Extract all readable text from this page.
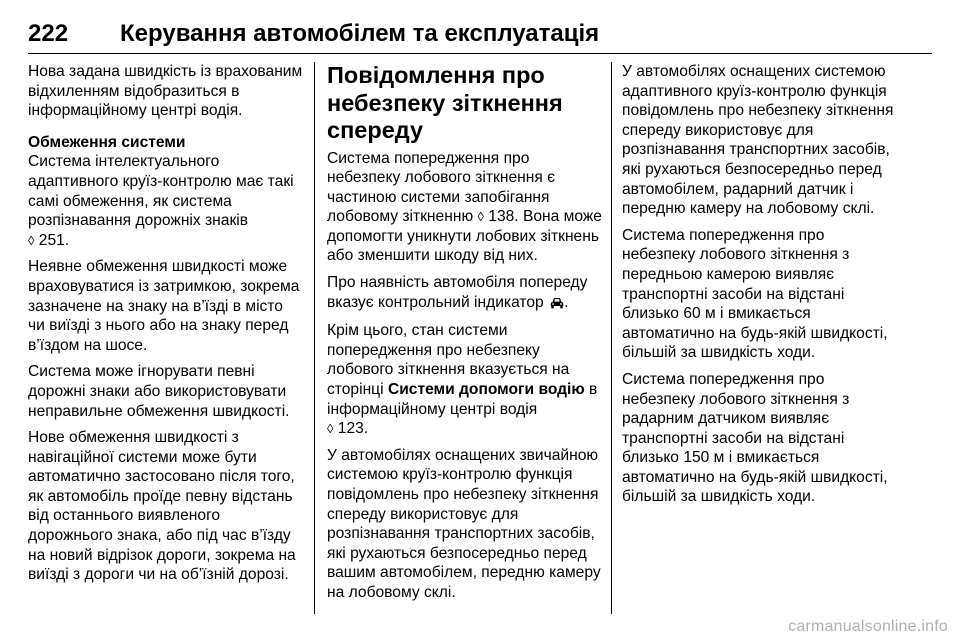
222 Керування автомобілем та експлуатація

Нова задана швидкість із врахованим відхиленням відобразиться в інформаційному центрі водія.

Обмеження системи

Система інтелектуального адаптивного круїз-контролю має такі самі обмеження, як система розпізнавання дорожніх знаків
◊ 251.

Неявне обмеження швидкості може враховуватися із затримкою, зокрема зазначене на знаку на в’їзді в місто чи виїзді з нього або на знаку перед в’їздом на шосе.

Система може ігнорувати певні дорожні знаки або використовувати неправильне обмеження швидкості.

Нове обмеження швидкості з навігаційної системи може бути автоматично застосовано після того, як автомобіль проїде певну відстань від останнього виявленого дорожнього знака, або під час в’їзду на новий відрізок дороги, зокрема на виїзді з дороги чи на об’їзній дорозі.

Повідомлення про небезпеку зіткнення спереду

Система попередження про небезпеку лобового зіткнення є частиною системи запобігання лобовому зіткненню ◊ 138. Вона може допомогти уникнути лобових зіткнень або зменшити шкоду від них.

Про наявність автомобіля попереду вказує контрольний індикатор .

Крім цього, стан системи попередження про небезпеку лобового зіткнення вказується на сторінці Системи допомоги водію в інформаційному центрі водія
◊ 123.

У автомобілях оснащених звичайною системою круїз-контролю функція повідомлень про небезпеку зіткнення спереду використовує для розпізнавання транспортних засобів, які рухаються безпосередньо перед вашим автомобілем, передню камеру на лобовому склі.

У автомобілях оснащених системою адаптивного круїз-контролю функція повідомлень про небезпеку зіткнення спереду використовує для розпізнавання транспортних засобів, які рухаються безпосередньо перед автомобілем, радарний датчик і передню камеру на лобовому склі.

Система попередження про небезпеку лобового зіткнення з передньою камерою виявляє транспортні засоби на відстані близько 60 м і вмикається автоматично на будь-якій швидкості, більшій за швидкість ходи.

Система попередження про небезпеку лобового зіткнення з радарним датчиком виявляє транспортні засоби на відстані близько 150 м і вмикається автоматично на будь-якій швидкості, більшій за швидкість ходи.

carmanualsonline.info
